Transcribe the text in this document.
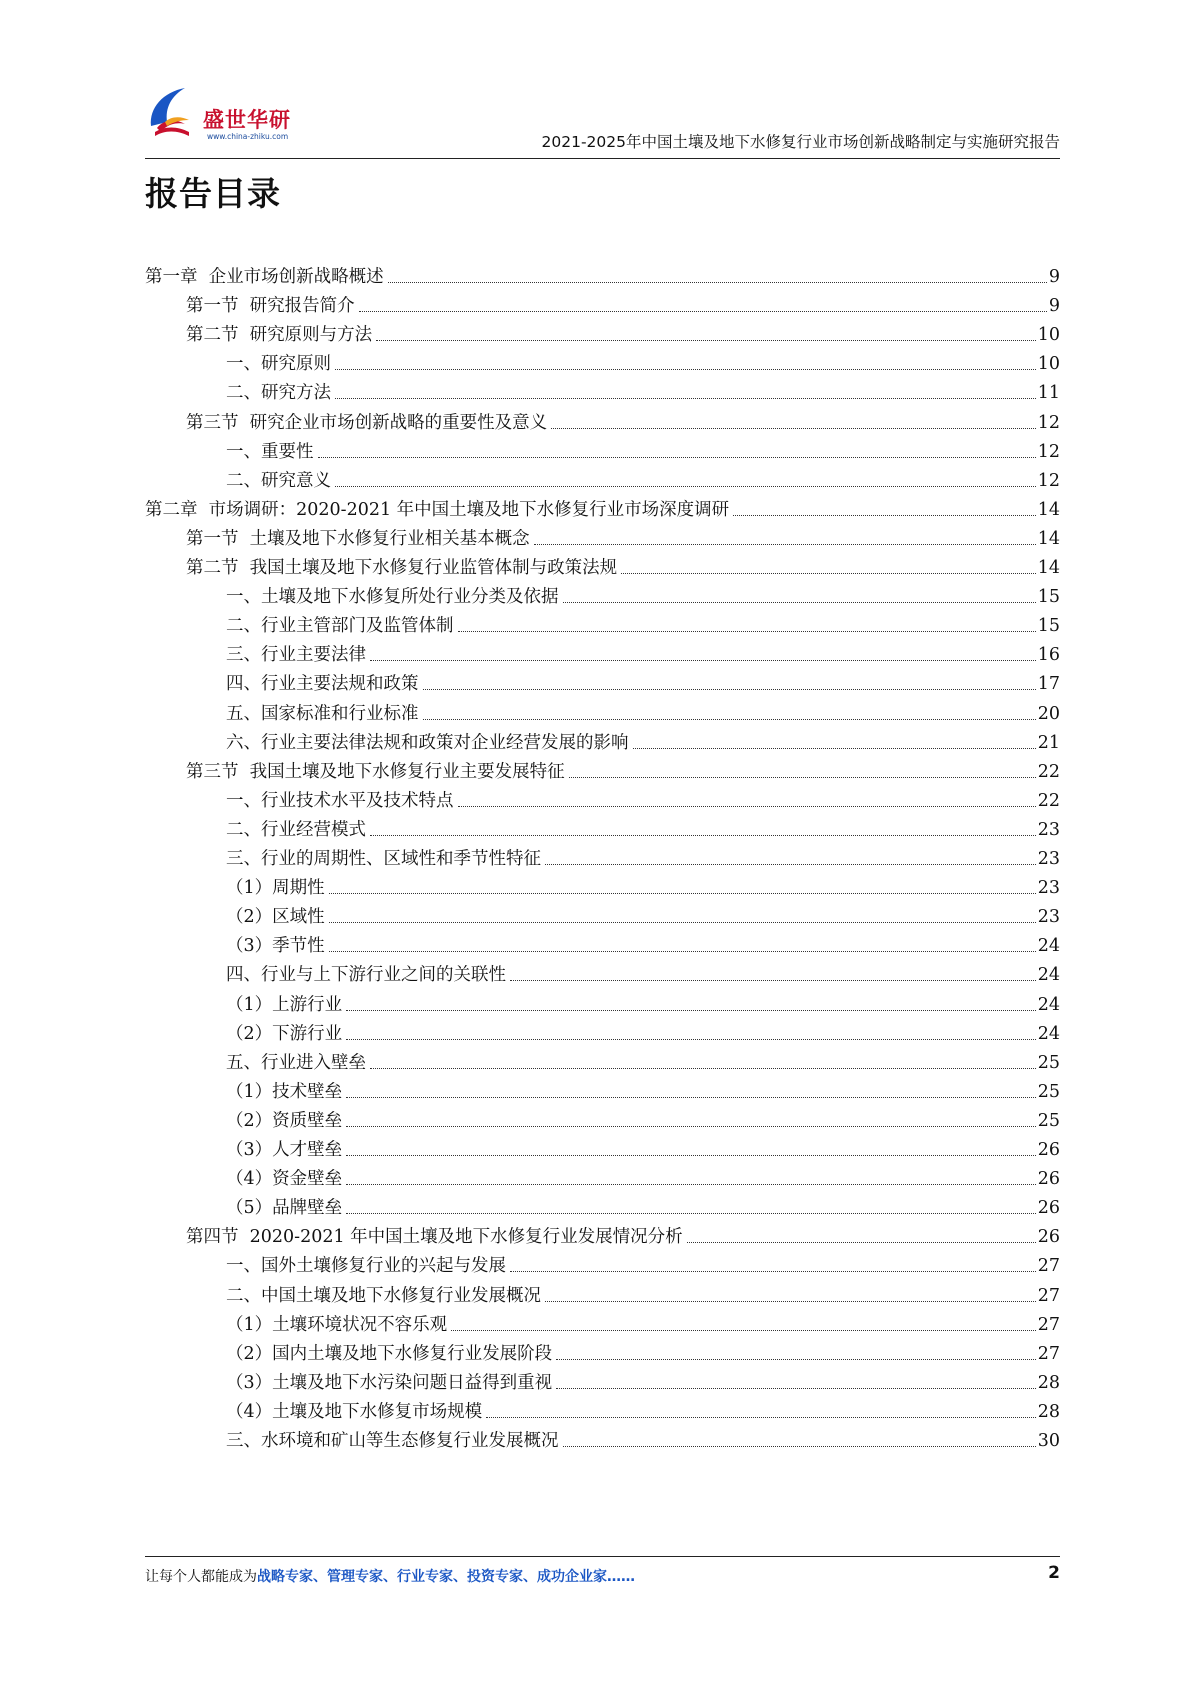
盛世华研
www.china-zhiku.com	2021-2025年中国土壤及地下水修复行业市场创新战略制定与实施研究报告
报告目录
第一章  企业市场创新战略概述	9
第一节  研究报告简介	9
第二节  研究原则与方法	10
一、研究原则	10
二、研究方法	11
第三节  研究企业市场创新战略的重要性及意义	12
一、重要性	12
二、研究意义	12
第二章  市场调研：2020-2021 年中国土壤及地下水修复行业市场深度调研	14
第一节  土壤及地下水修复行业相关基本概念	14
第二节  我国土壤及地下水修复行业监管体制与政策法规	14
一、土壤及地下水修复所处行业分类及依据	15
二、行业主管部门及监管体制	15
三、行业主要法律	16
四、行业主要法规和政策	17
五、国家标准和行业标准	20
六、行业主要法律法规和政策对企业经营发展的影响	21
第三节  我国土壤及地下水修复行业主要发展特征	22
一、行业技术水平及技术特点	22
二、行业经营模式	23
三、行业的周期性、区域性和季节性特征	23
（1）周期性	23
（2）区域性	23
（3）季节性	24
四、行业与上下游行业之间的关联性	24
（1）上游行业	24
（2）下游行业	24
五、行业进入壁垒	25
（1）技术壁垒	25
（2）资质壁垒	25
（3）人才壁垒	26
（4）资金壁垒	26
（5）品牌壁垒	26
第四节  2020-2021 年中国土壤及地下水修复行业发展情况分析	26
一、国外土壤修复行业的兴起与发展	27
二、中国土壤及地下水修复行业发展概况	27
（1）土壤环境状况不容乐观	27
（2）国内土壤及地下水修复行业发展阶段	27
（3）土壤及地下水污染问题日益得到重视	28
（4）土壤及地下水修复市场规模	28
三、水环境和矿山等生态修复行业发展概况	30
让每个人都能成为战略专家、管理专家、行业专家、投资专家、成功企业家……	2
